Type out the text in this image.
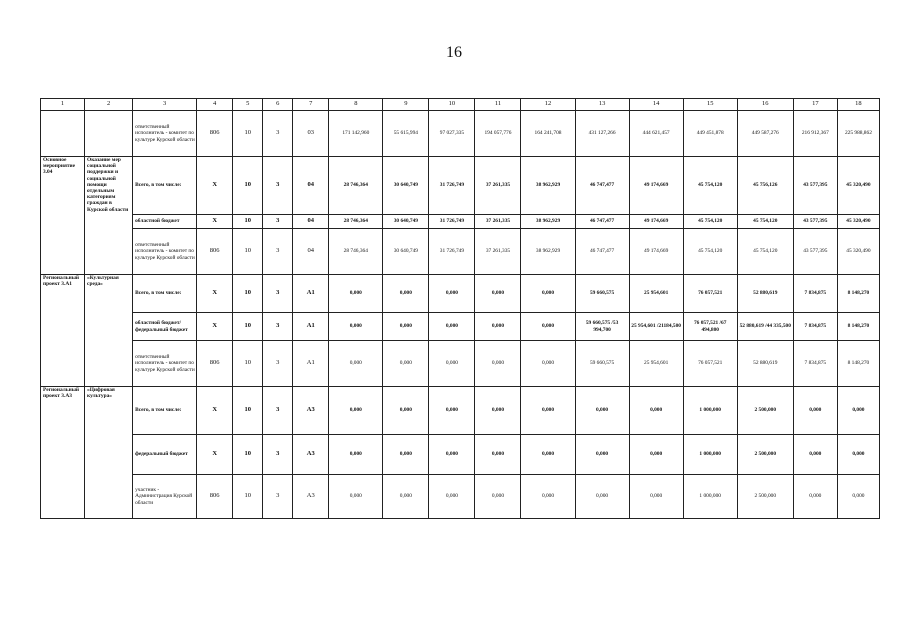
16
1	2	3	4	5	6	7	8	9	10	11	12	13	14	15	16	17	18
		ответственный исполнитель - комитет по культуре Курской области	806	10	3	03	171 142,960	55 615,994	97 027,335	194 057,776	164 241,708	431 127,266	444 621,457	449 451,878	449 587,276	216 912,367	225 988,862
Основное мероприятие 3.04	Оказание мер социальной поддержки и социальной помощи отдельным категориям граждан в Курской области	Всего, в том числе:	Х	10	3	04	28 746,364	30 640,749	31 726,749	37 261,335	38 962,929	46 747,477	49 174,669	45 754,120	45 756,126	43 577,395	45 320,490
		областной бюджет	Х	10	3	04	28 746,364	30 640,749	31 726,749	37 261,335	38 962,929	46 747,477	49 174,669	45 754,120	45 754,120	43 577,395	45 320,490
		ответственный исполнитель - комитет по культуре Курской области	806	10	3	04	28 746,364	30 640,749	31 726,749	37 261,335	38 962,929	46 747,477	49 174,669	45 754,120	45 754,120	43 577,395	45 320,490
Региональный проект 3.А1	«Культурная среда»	Всего, в том числе:	Х	10	3	А1	0,000	0,000	0,000	0,000	0,000	59 660,575	25 954,601	76 057,521	52 880,619	7 834,875	8 148,270
		областной бюджет/ федеральный бюджет	Х	10	3	А1	0,000	0,000	0,000	0,000	0,000	59 660,575 /53 994,700	25 954,601 /21184,500	76 057,521 /67 494,800	52 880,619 /44 335,500	7 834,875	8 148,270
		ответственный исполнитель - комитет по культуре Курской области	806	10	3	А1	0,000	0,000	0,000	0,000	0,000	59 660,575	25 954,601	76 057,521	52 880,619	7 834,875	8 148,270
Региональный проект 3.А3	«Цифровая культура»	Всего, в том числе:	Х	10	3	А3	0,000	0,000	0,000	0,000	0,000	0,000	0,000	1 000,000	2 500,000	0,000	0,000
		федеральный бюджет	Х	10	3	А3	0,000	0,000	0,000	0,000	0,000	0,000	0,000	1 000,000	2 500,000	0,000	0,000
		участник - Администрация Курской области	806	10	3	А3	0,000	0,000	0,000	0,000	0,000	0,000	0,000	1 000,000	2 500,000	0,000	0,000
